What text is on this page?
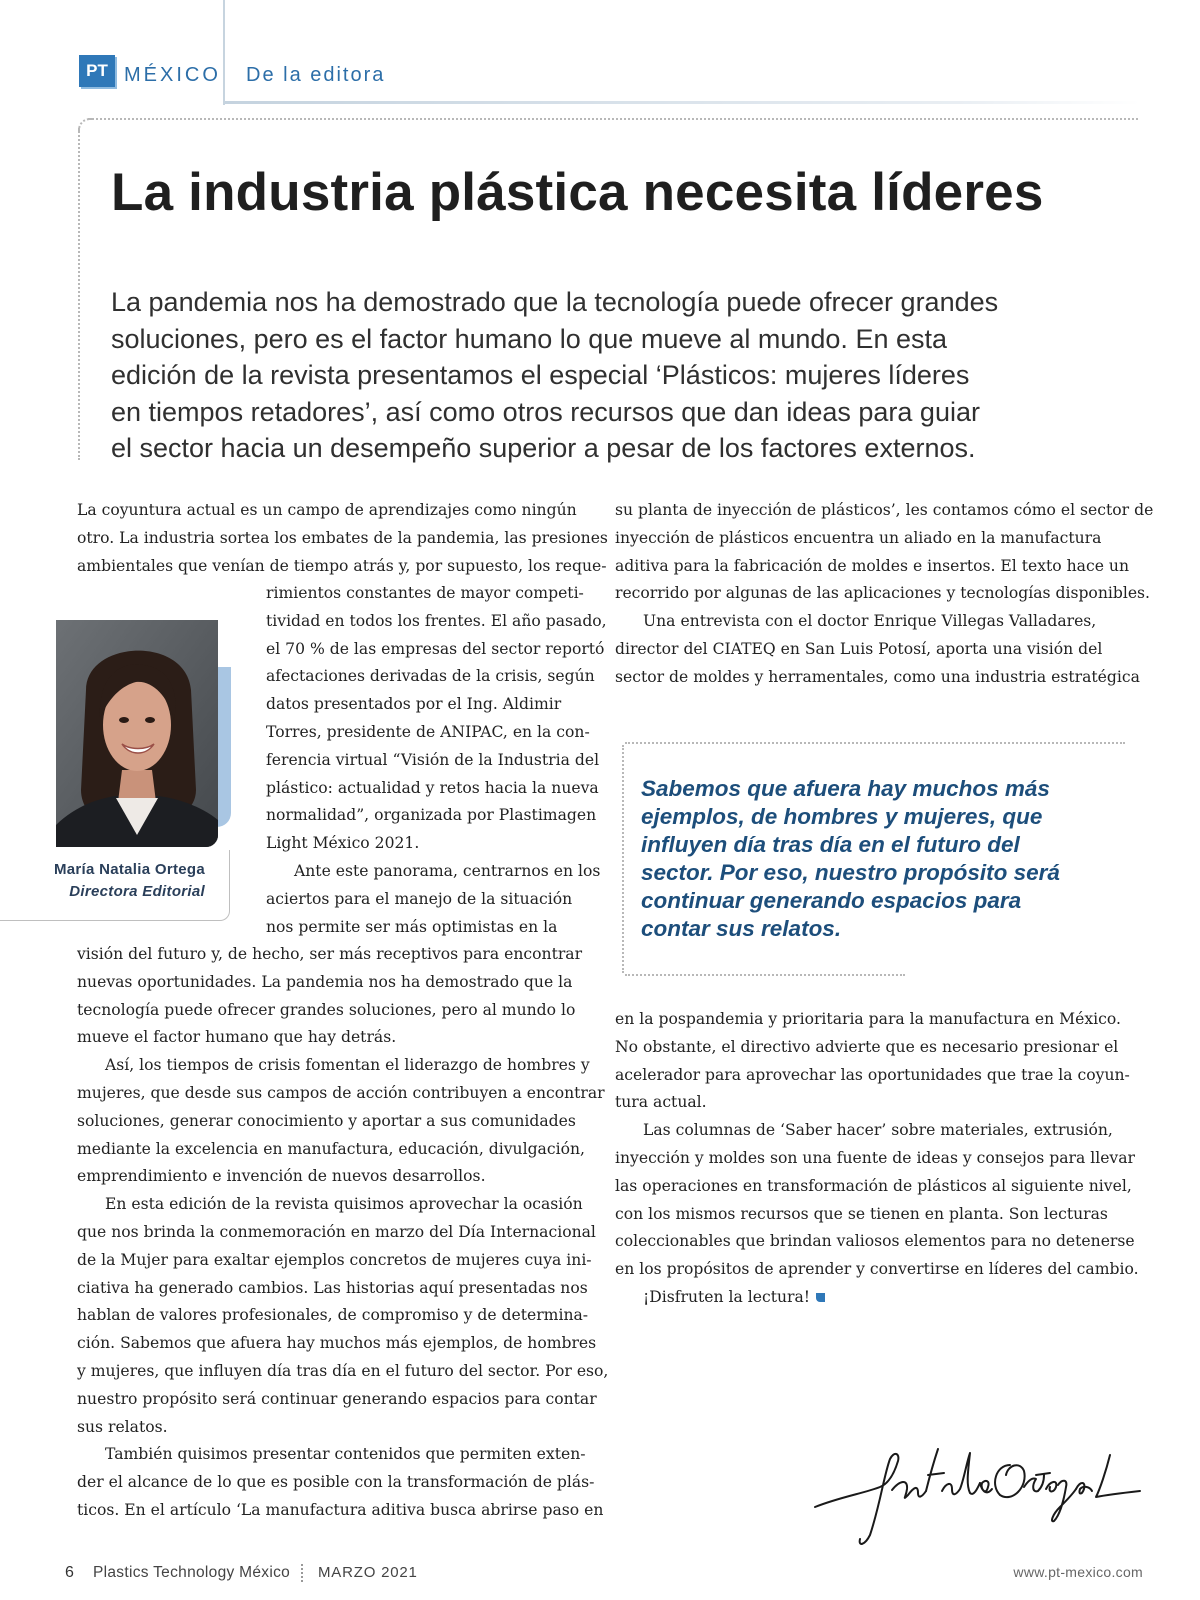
PT MÉXICO De la editora
La industria plástica necesita líderes
La pandemia nos ha demostrado que la tecnología puede ofrecer grandes
soluciones, pero es el factor humano lo que mueve al mundo. En esta
edición de la revista presentamos el especial ‘Plásticos: mujeres líderes
en tiempos retadores’, así como otros recursos que dan ideas para guiar
el sector hacia un desempeño superior a pesar de los factores externos.
La coyuntura actual es un campo de aprendizajes como ningún
otro. La industria sortea los embates de la pandemia, las presiones
ambientales que venían de tiempo atrás y, por supuesto, los reque-
rimientos constantes de mayor competi-
tividad en todos los frentes. El año pasado,
el 70 % de las empresas del sector reportó
afectaciones derivadas de la crisis, según
datos presentados por el Ing. Aldimir
Torres, presidente de ANIPAC, en la con-
ferencia virtual “Visión de la Industria del
plástico: actualidad y retos hacia la nueva
normalidad”, organizada por Plastimagen
Light México 2021.
Ante este panorama, centrarnos en los
aciertos para el manejo de la situación
nos permite ser más optimistas en la
visión del futuro y, de hecho, ser más receptivos para encontrar
nuevas oportunidades. La pandemia nos ha demostrado que la
tecnología puede ofrecer grandes soluciones, pero al mundo lo
mueve el factor humano que hay detrás.
Así, los tiempos de crisis fomentan el liderazgo de hombres y
mujeres, que desde sus campos de acción contribuyen a encontrar
soluciones, generar conocimiento y aportar a sus comunidades
mediante la excelencia en manufactura, educación, divulgación,
emprendimiento e invención de nuevos desarrollos.
En esta edición de la revista quisimos aprovechar la ocasión
que nos brinda la conmemoración en marzo del Día Internacional
de la Mujer para exaltar ejemplos concretos de mujeres cuya ini-
ciativa ha generado cambios. Las historias aquí presentadas nos
hablan de valores profesionales, de compromiso y de determina-
ción. Sabemos que afuera hay muchos más ejemplos, de hombres
y mujeres, que influyen día tras día en el futuro del sector. Por eso,
nuestro propósito será continuar generando espacios para contar
sus relatos.
También quisimos presentar contenidos que permiten exten-
der el alcance de lo que es posible con la transformación de plás-
ticos. En el artículo ‘La manufactura aditiva busca abrirse paso en
María Natalia Ortega
Directora Editorial
su planta de inyección de plásticos’, les contamos cómo el sector de
inyección de plásticos encuentra un aliado en la manufactura
aditiva para la fabricación de moldes e insertos. El texto hace un
recorrido por algunas de las aplicaciones y tecnologías disponibles.
Una entrevista con el doctor Enrique Villegas Valladares,
director del CIATEQ en San Luis Potosí, aporta una visión del
sector de moldes y herramentales, como una industria estratégica
Sabemos que afuera hay muchos más
ejemplos, de hombres y mujeres, que
influyen día tras día en el futuro del
sector. Por eso, nuestro propósito será
continuar generando espacios para
contar sus relatos.
en la pospandemia y prioritaria para la manufactura en México.
No obstante, el directivo advierte que es necesario presionar el
acelerador para aprovechar las oportunidades que trae la coyun-
tura actual.
Las columnas de ‘Saber hacer’ sobre materiales, extrusión,
inyección y moldes son una fuente de ideas y consejos para llevar
las operaciones en transformación de plásticos al siguiente nivel,
con los mismos recursos que se tienen en planta. Son lecturas
coleccionables que brindan valiosos elementos para no detenerse
en los propósitos de aprender y convertirse en líderes del cambio.
¡Disfruten la lectura!
6 Plastics Technology México MARZO 2021	www.pt-mexico.com
